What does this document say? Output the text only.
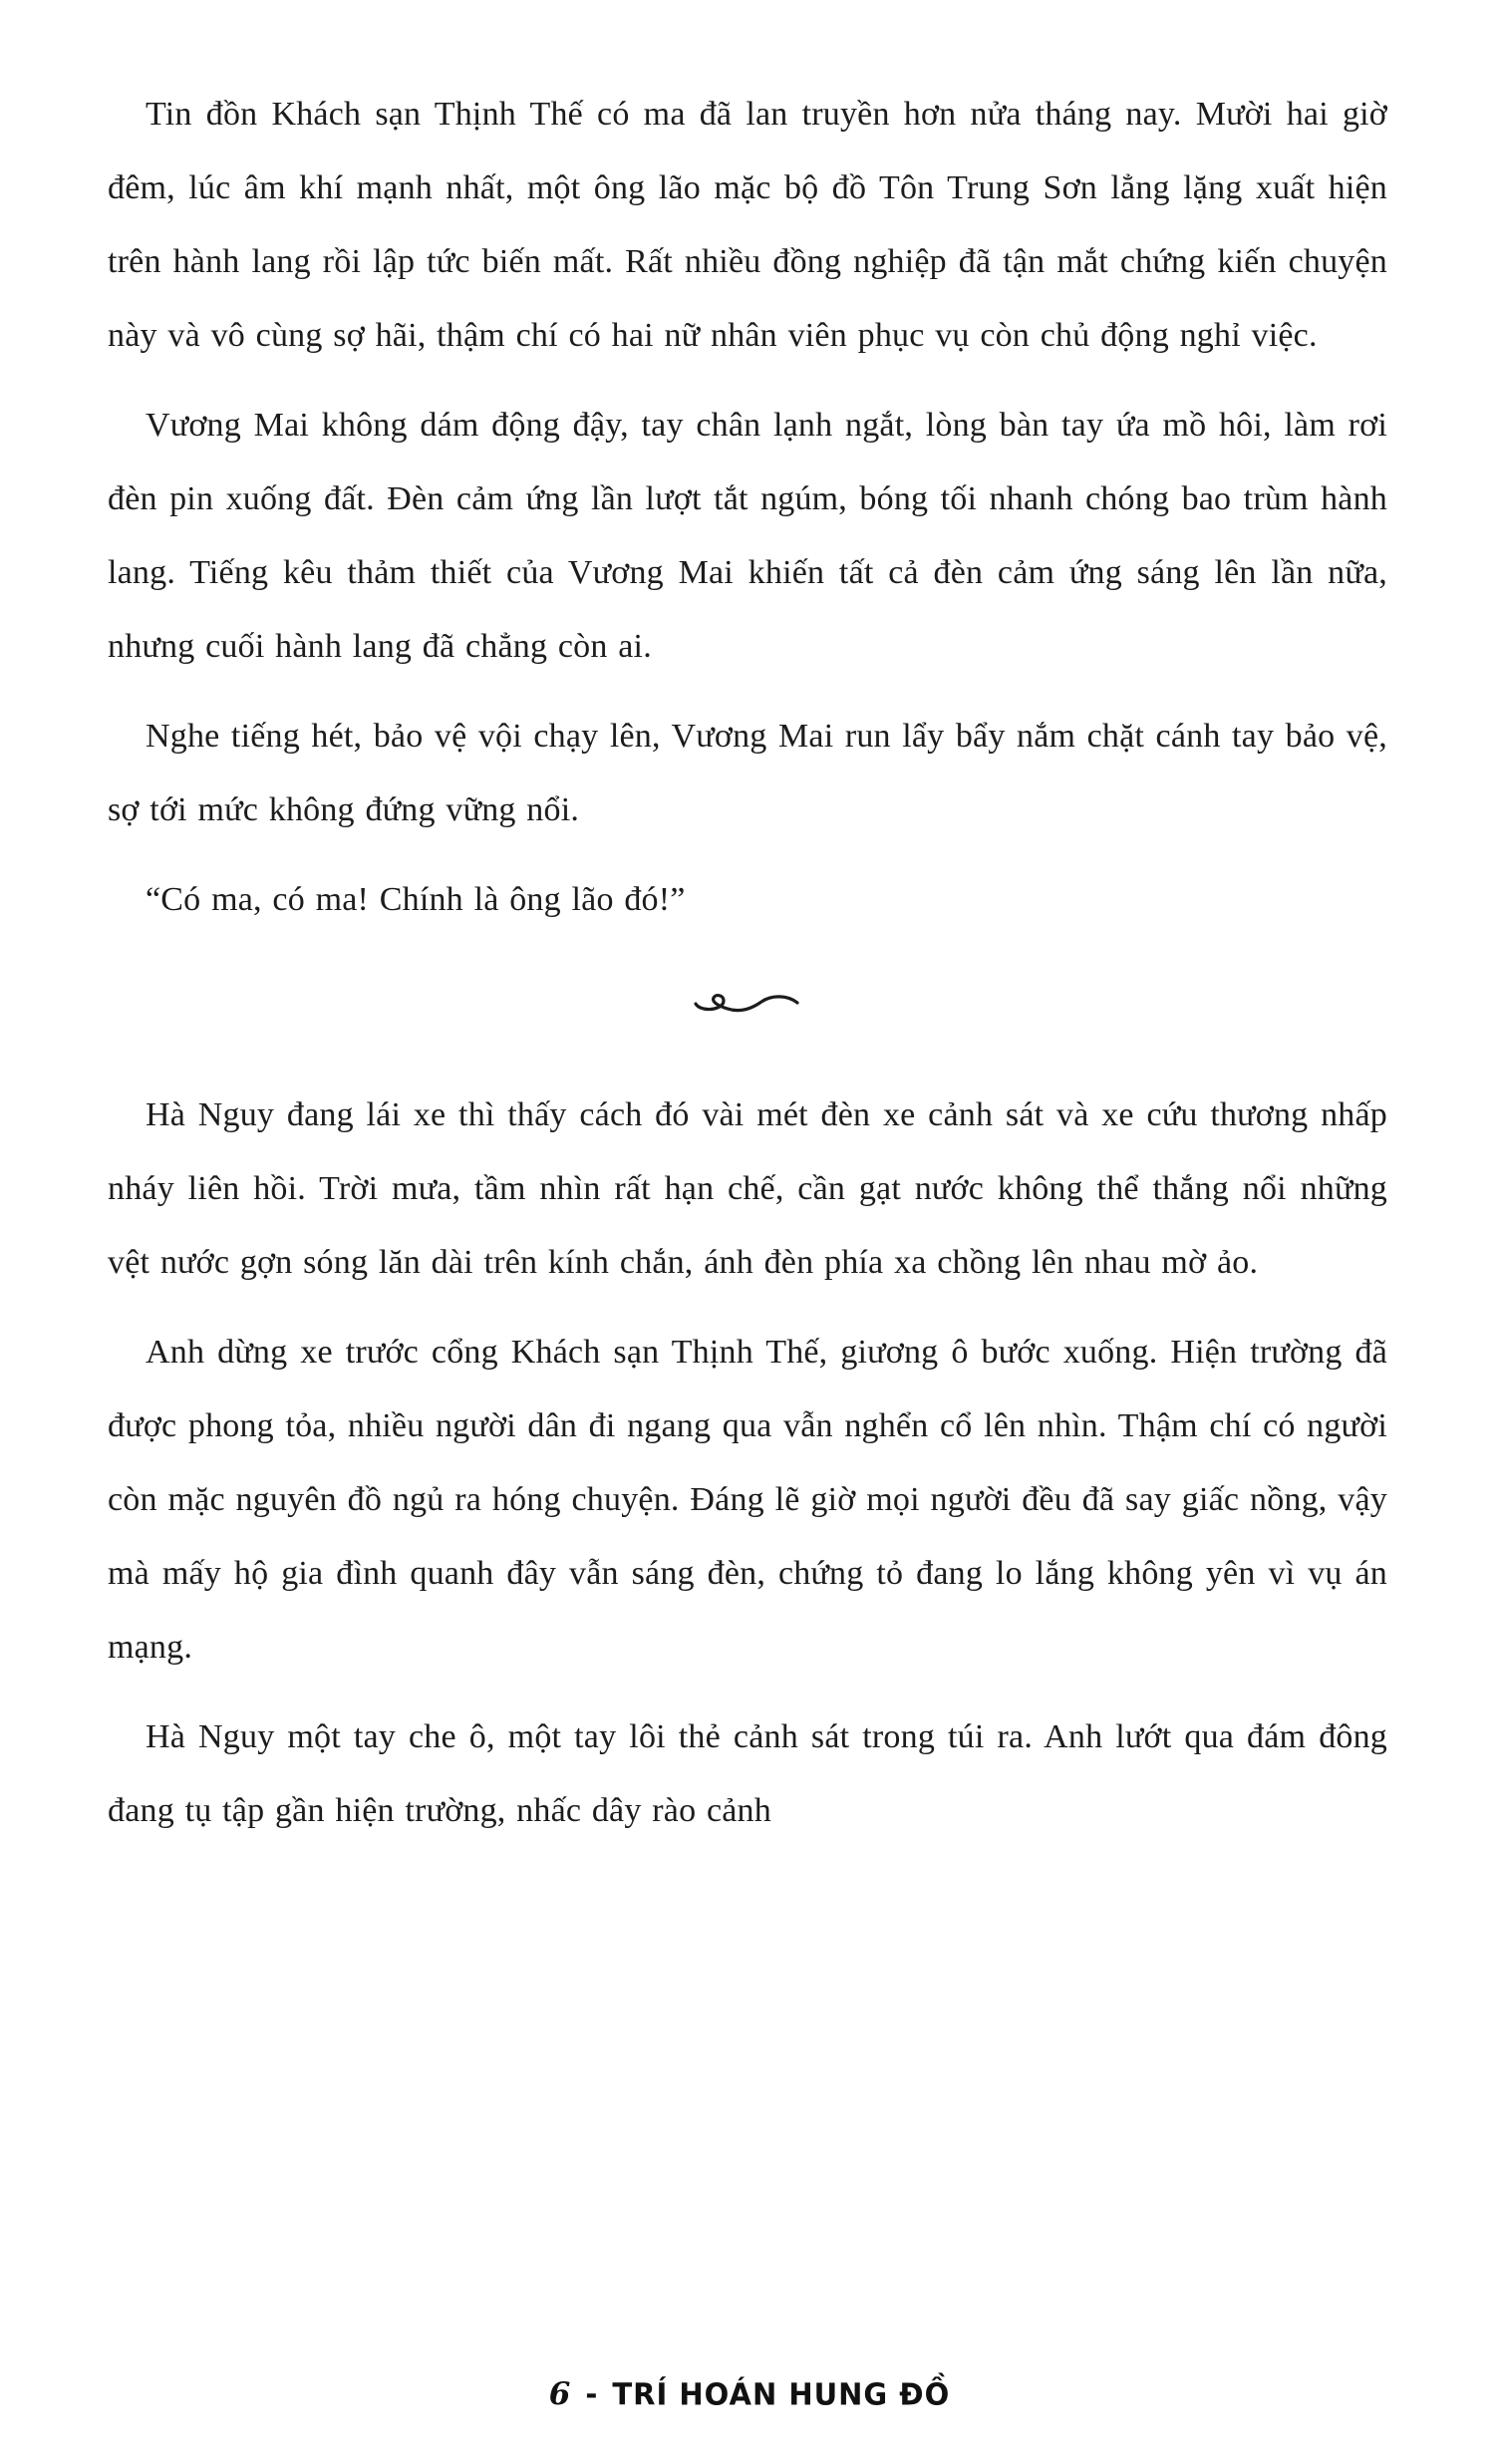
Tin đồn Khách sạn Thịnh Thế có ma đã lan truyền hơn nửa tháng nay. Mười hai giờ đêm, lúc âm khí mạnh nhất, một ông lão mặc bộ đồ Tôn Trung Sơn lẳng lặng xuất hiện trên hành lang rồi lập tức biến mất. Rất nhiều đồng nghiệp đã tận mắt chứng kiến chuyện này và vô cùng sợ hãi, thậm chí có hai nữ nhân viên phục vụ còn chủ động nghỉ việc.

Vương Mai không dám động đậy, tay chân lạnh ngắt, lòng bàn tay ứa mồ hôi, làm rơi đèn pin xuống đất. Đèn cảm ứng lần lượt tắt ngúm, bóng tối nhanh chóng bao trùm hành lang. Tiếng kêu thảm thiết của Vương Mai khiến tất cả đèn cảm ứng sáng lên lần nữa, nhưng cuối hành lang đã chẳng còn ai.

Nghe tiếng hét, bảo vệ vội chạy lên, Vương Mai run lẩy bẩy nắm chặt cánh tay bảo vệ, sợ tới mức không đứng vững nổi.

“Có ma, có ma! Chính là ông lão đó!”

Hà Nguy đang lái xe thì thấy cách đó vài mét đèn xe cảnh sát và xe cứu thương nhấp nháy liên hồi. Trời mưa, tầm nhìn rất hạn chế, cần gạt nước không thể thắng nổi những vệt nước gợn sóng lăn dài trên kính chắn, ánh đèn phía xa chồng lên nhau mờ ảo.

Anh dừng xe trước cổng Khách sạn Thịnh Thế, giương ô bước xuống. Hiện trường đã được phong tỏa, nhiều người dân đi ngang qua vẫn nghển cổ lên nhìn. Thậm chí có người còn mặc nguyên đồ ngủ ra hóng chuyện. Đáng lẽ giờ mọi người đều đã say giấc nồng, vậy mà mấy hộ gia đình quanh đây vẫn sáng đèn, chứng tỏ đang lo lắng không yên vì vụ án mạng.

Hà Nguy một tay che ô, một tay lôi thẻ cảnh sát trong túi ra. Anh lướt qua đám đông đang tụ tập gần hiện trường, nhấc dây rào cảnh

6 - TRÍ HOÁN HUNG ĐỒ
